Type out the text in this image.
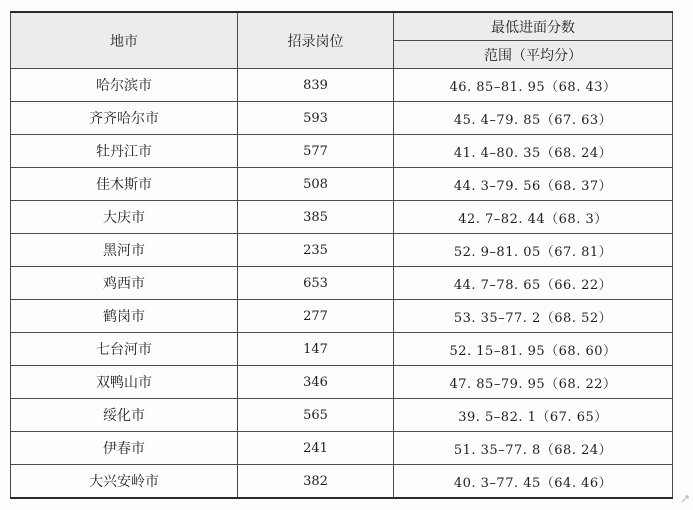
地市	招录岗位	最低进面分数
		范围（平均分）
哈尔滨市	839	46. 85–81. 95（68. 43）
齐齐哈尔市	593	45. 4–79. 85（67. 63）
牡丹江市	577	41. 4–80. 35（68. 24）
佳木斯市	508	44. 3–79. 56（68. 37）
大庆市	385	42. 7–82. 44（68. 3）
黑河市	235	52. 9–81. 05（67. 81）
鸡西市	653	44. 7–78. 65（66. 22）
鹤岗市	277	53. 35–77. 2（68. 52）
七台河市	147	52. 15–81. 95（68. 60）
双鸭山市	346	47. 85–79. 95（68. 22）
绥化市	565	39. 5–82. 1（67. 65）
伊春市	241	51. 35–77. 8（68. 24）
大兴安岭市	382	40. 3–77. 45（64. 46）
